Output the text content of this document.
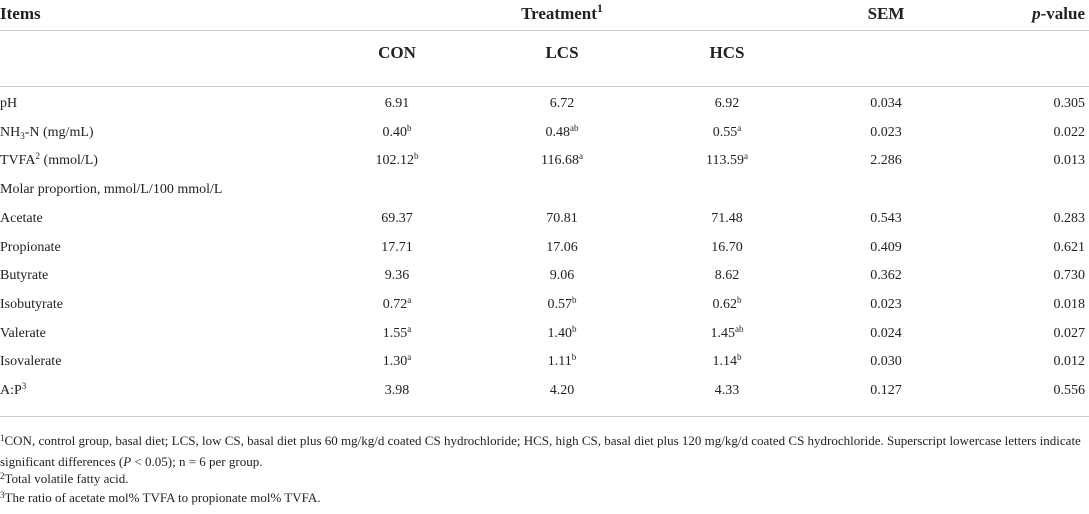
Items	Treatment$^1$	SEM	p-value
CON	LCS	HCS
pH	6.91	6.72	6.92	0.034	0.305
$NH_3-N$ (mg/mL)	0.40$^b$	0.48$^{ab}$	0.55$^a$	0.023	0.022
TVFA$^2$ (mmol/L)	102.12$^b$	116.68$^a$	113.59$^a$	2.286	0.013
Molar proportion, mmol/L/100 mmol/L
Acetate	69.37	70.81	71.48	0.543	0.283
Propionate	17.71	17.06	16.70	0.409	0.621
Butyrate	9.36	9.06	8.62	0.362	0.730
Isobutyrate	0.72$^a$	0.57$^b$	0.62$^b$	0.023	0.018
Valerate	1.55$^a$	1.40$^b$	1.45$^{ab}$	0.024	0.027
Isovalerate	1.30$^a$	1.11$^b$	1.14$^b$	0.030	0.012
$A:P^3$	3.98	4.20	4.33	0.127	0.556
$^1$CON, control group, basal diet; LCS, low CS, basal diet plus 60 mg/kg/d coated CS hydrochloride; HCS, high CS, basal diet plus 120 mg/kg/d coated CS hydrochloride. Superscript lowercase letters indicate significant differences (P < 0.05); n = 6 per group.
$^2$Total volatile fatty acid.
$^3$The ratio of acetate mol% TVFA to propionate mol% TVFA.
